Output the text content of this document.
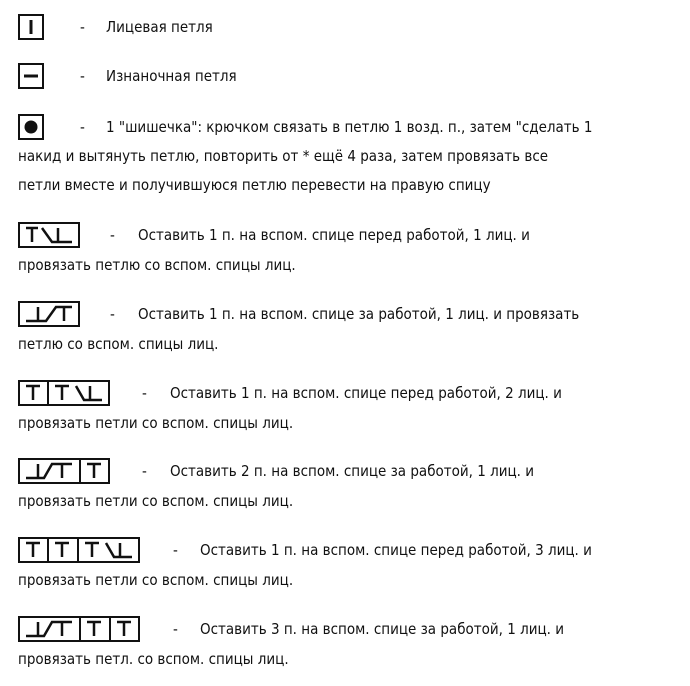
- Лицевая петля
- Изнаночная петля
- 1 "шишечка": крючком связать в петлю 1 возд. п., затем "сделать 1
накид и вытянуть петлю, повторить от * ещё 4 раза, затем провязать все
петли вместе и получившуюся петлю перевести на правую спицу
- Оставить 1 п. на вспом. спице перед работой, 1 лиц. и
провязать петлю со вспом. спицы лиц.
- Оставить 1 п. на вспом. спице за работой, 1 лиц. и провязать
петлю со вспом. спицы лиц.
- Оставить 1 п. на вспом. спице перед работой, 2 лиц. и
провязать петли со вспом. спицы лиц.
- Оставить 2 п. на вспом. спице за работой, 1 лиц. и
провязать петли со вспом. спицы лиц.
- Оставить 1 п. на вспом. спице перед работой, 3 лиц. и
провязать петли со вспом. спицы лиц.
- Оставить 3 п. на вспом. спице за работой, 1 лиц. и
провязать петл. со вспом. спицы лиц.
